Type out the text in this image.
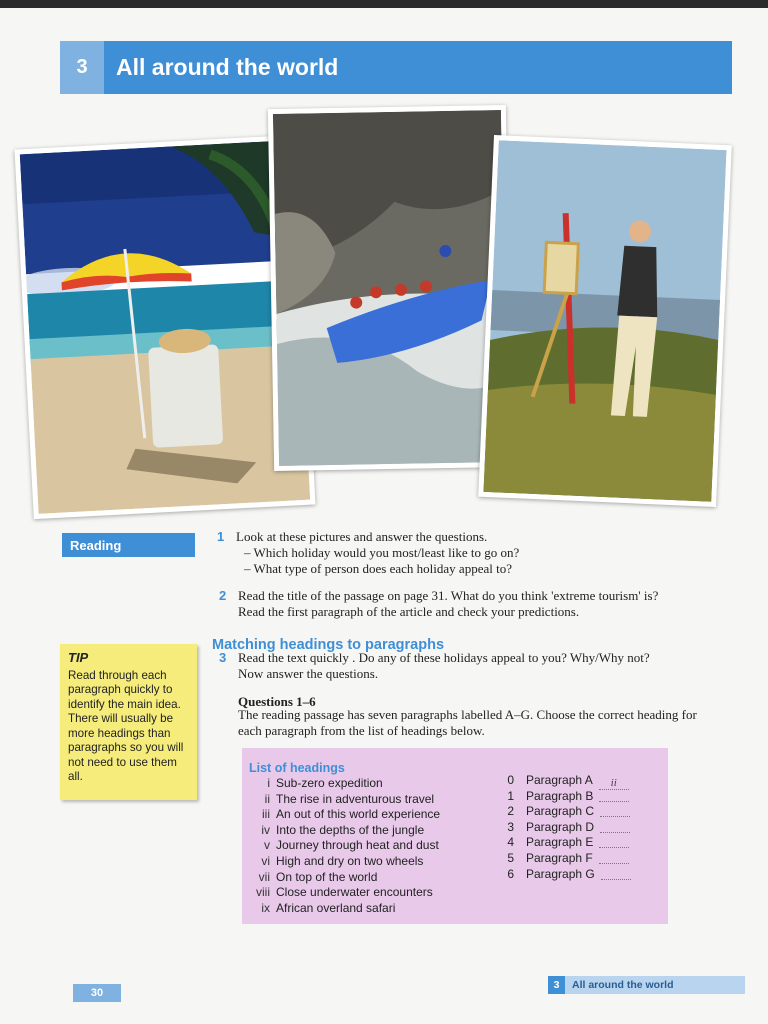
3	All around the world
Reading
TIP
Read through each paragraph quickly to identify the main idea. There will usually be more headings than paragraphs so you will not need to use them all.
1 Look at these pictures and answer the questions.
– Which holiday would you most/least like to go on?
– What type of person does each holiday appeal to?
2 Read the title of the passage on page 31. What do you think 'extreme tourism' is?
Read the first paragraph of the article and check your predictions.
Matching headings to paragraphs
3 Read the text quickly . Do any of these holidays appeal to you? Why/Why not?
Now answer the questions.
Questions 1–6
The reading passage has seven paragraphs labelled A–G. Choose the correct heading for each paragraph from the list of headings below.
List of headings
i Sub-zero expedition
ii The rise in adventurous travel
iii An out of this world experience
iv Into the depths of the jungle
v Journey through heat and dust
vi High and dry on two wheels
vii On top of the world
viii Close underwater encounters
ix African overland safari
0 Paragraph A ii
1 Paragraph B
2 Paragraph C
3 Paragraph D
4 Paragraph E
5 Paragraph F
6 Paragraph G
30
3	All around the world
